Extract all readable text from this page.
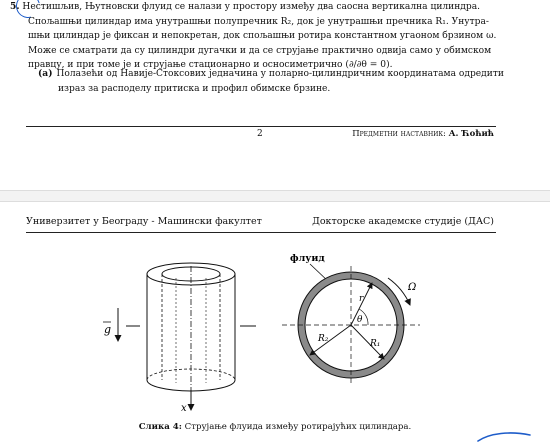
5. Нестишљив, Њутновски флуид се налази у простору између два саосна вертикална цилиндра.
Спољашњи цилиндар има унутрашњи полупречник R₂, док је унутрашњи пречника R₁. Унутра-
шњи цилиндар је фиксан и непокретан, док спољашњи ротира константном угаоном брзином ω.
Може се сматрати да су цилиндри дугачки и да се струјање практично одвија само у обимском
правцу, и при томе је и струјање стационарно и осносиметрично (∂/∂θ = 0).
(a) Полазећи од Навије-Стоксових једначина у поларно-цилиндричним координатама одредити
израз за расподелу притиска и профил обимске брзине.
2	Предметни наставник: А. Ћоћић
Универзитет у Београду - Машински факултет	Докторске академске студије (ДАС)
g
x
флуид
r
θ
R₁
R₂
Ω
Слика 4: Струјање флуида између ротирајућих цилиндара.
